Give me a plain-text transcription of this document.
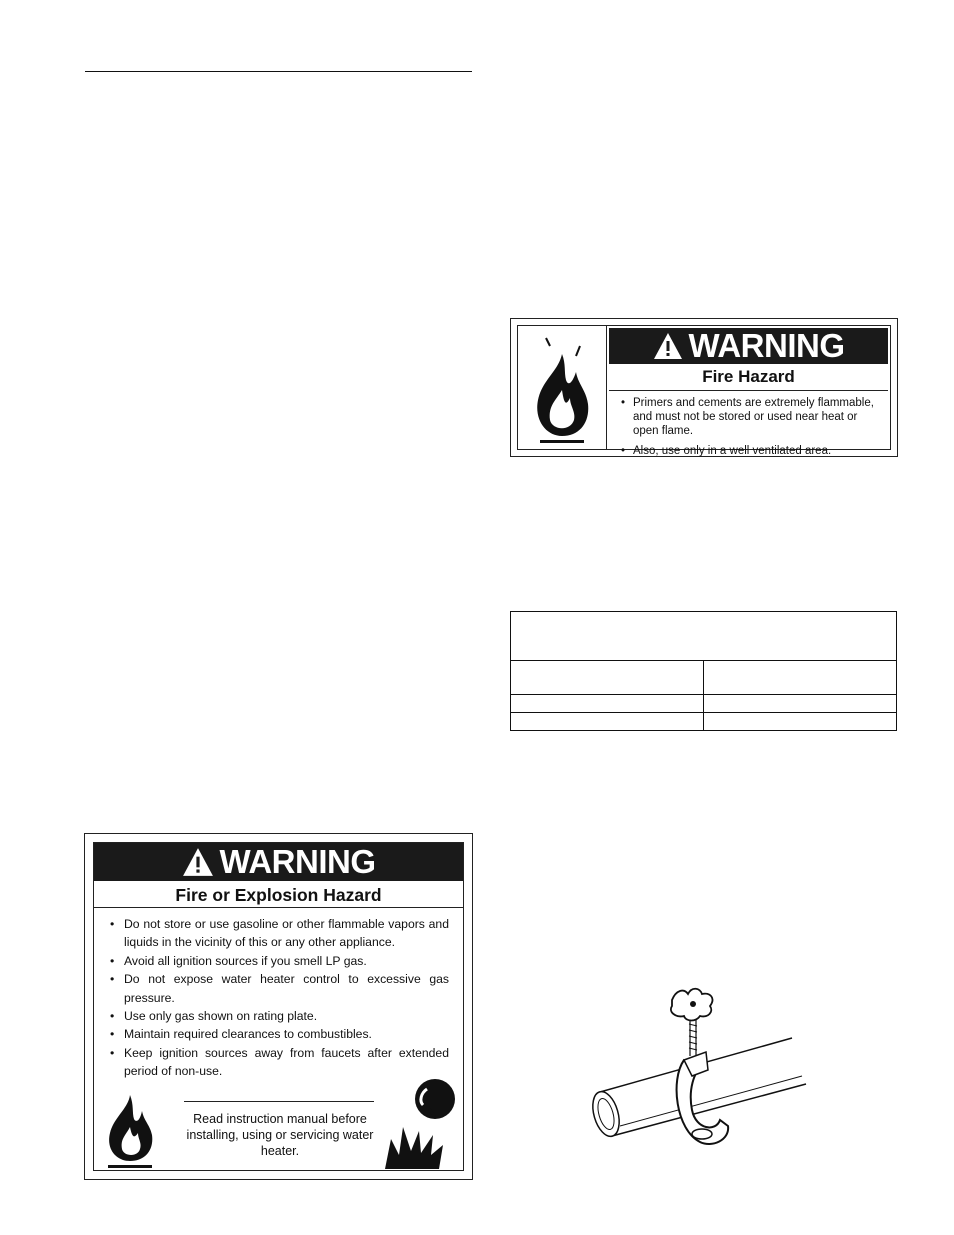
WARNING
Fire Hazard
• Primers and cements are extremely flammable, and must not be stored or used near heat or open flame.
• Also, use only in a well ventilated area.
WARNING
Fire or Explosion Hazard
• Do not store or use gasoline or other flammable vapors and liquids in the vicinity of this or any other appliance.
• Avoid all ignition sources if you smell LP gas.
• Do not expose water heater control to excessive gas pressure.
• Use only gas shown on rating plate.
• Maintain required clearances to combustibles.
• Keep ignition sources away from faucets after extended period of non-use.
Read instruction manual before installing, using or servicing water heater.
